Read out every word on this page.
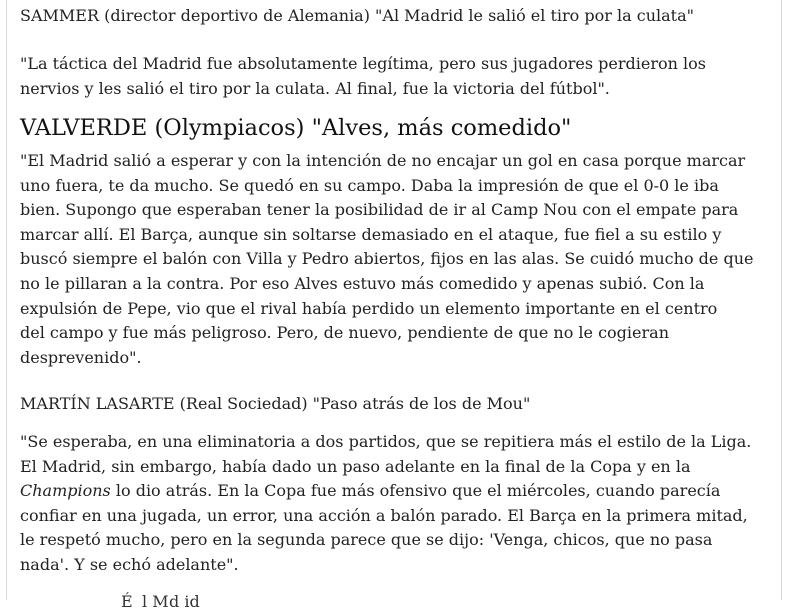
SAMMER (director deportivo de Alemania) "Al Madrid le salió el tiro por la culata"
"La táctica del Madrid fue absolutamente legítima, pero sus jugadores perdieron los
nervios y les salió el tiro por la culata. Al final, fue la victoria del fútbol".
VALVERDE (Olympiacos) "Alves, más comedido"
"El Madrid salió a esperar y con la intención de no encajar un gol en casa porque marcar
uno fuera, te da mucho. Se quedó en su campo. Daba la impresión de que el 0-0 le iba
bien. Supongo que esperaban tener la posibilidad de ir al Camp Nou con el empate para
marcar allí. El Barça, aunque sin soltarse demasiado en el ataque, fue fiel a su estilo y
buscó siempre el balón con Villa y Pedro abiertos, fijos en las alas. Se cuidó mucho de que
no le pillaran a la contra. Por eso Alves estuvo más comedido y apenas subió. Con la
expulsión de Pepe, vio que el rival había perdido un elemento importante en el centro
del campo y fue más peligroso. Pero, de nuevo, pendiente de que no le cogieran
desprevenido".
MARTÍN LASARTE (Real Sociedad) "Paso atrás de los de Mou"
"Se esperaba, en una eliminatoria a dos partidos, que se repitiera más el estilo de la Liga.
El Madrid, sin embargo, había dado un paso adelante en la final de la Copa y en la
Champions lo dio atrás. En la Copa fue más ofensivo que el miércoles, cuando parecía
confiar en una jugada, un error, una acción a balón parado. El Barça en la primera mitad,
le respetó mucho, pero en la segunda parece que se dijo: 'Venga, chicos, que no pasa
nada'. Y se echó adelante".
É l M d id
